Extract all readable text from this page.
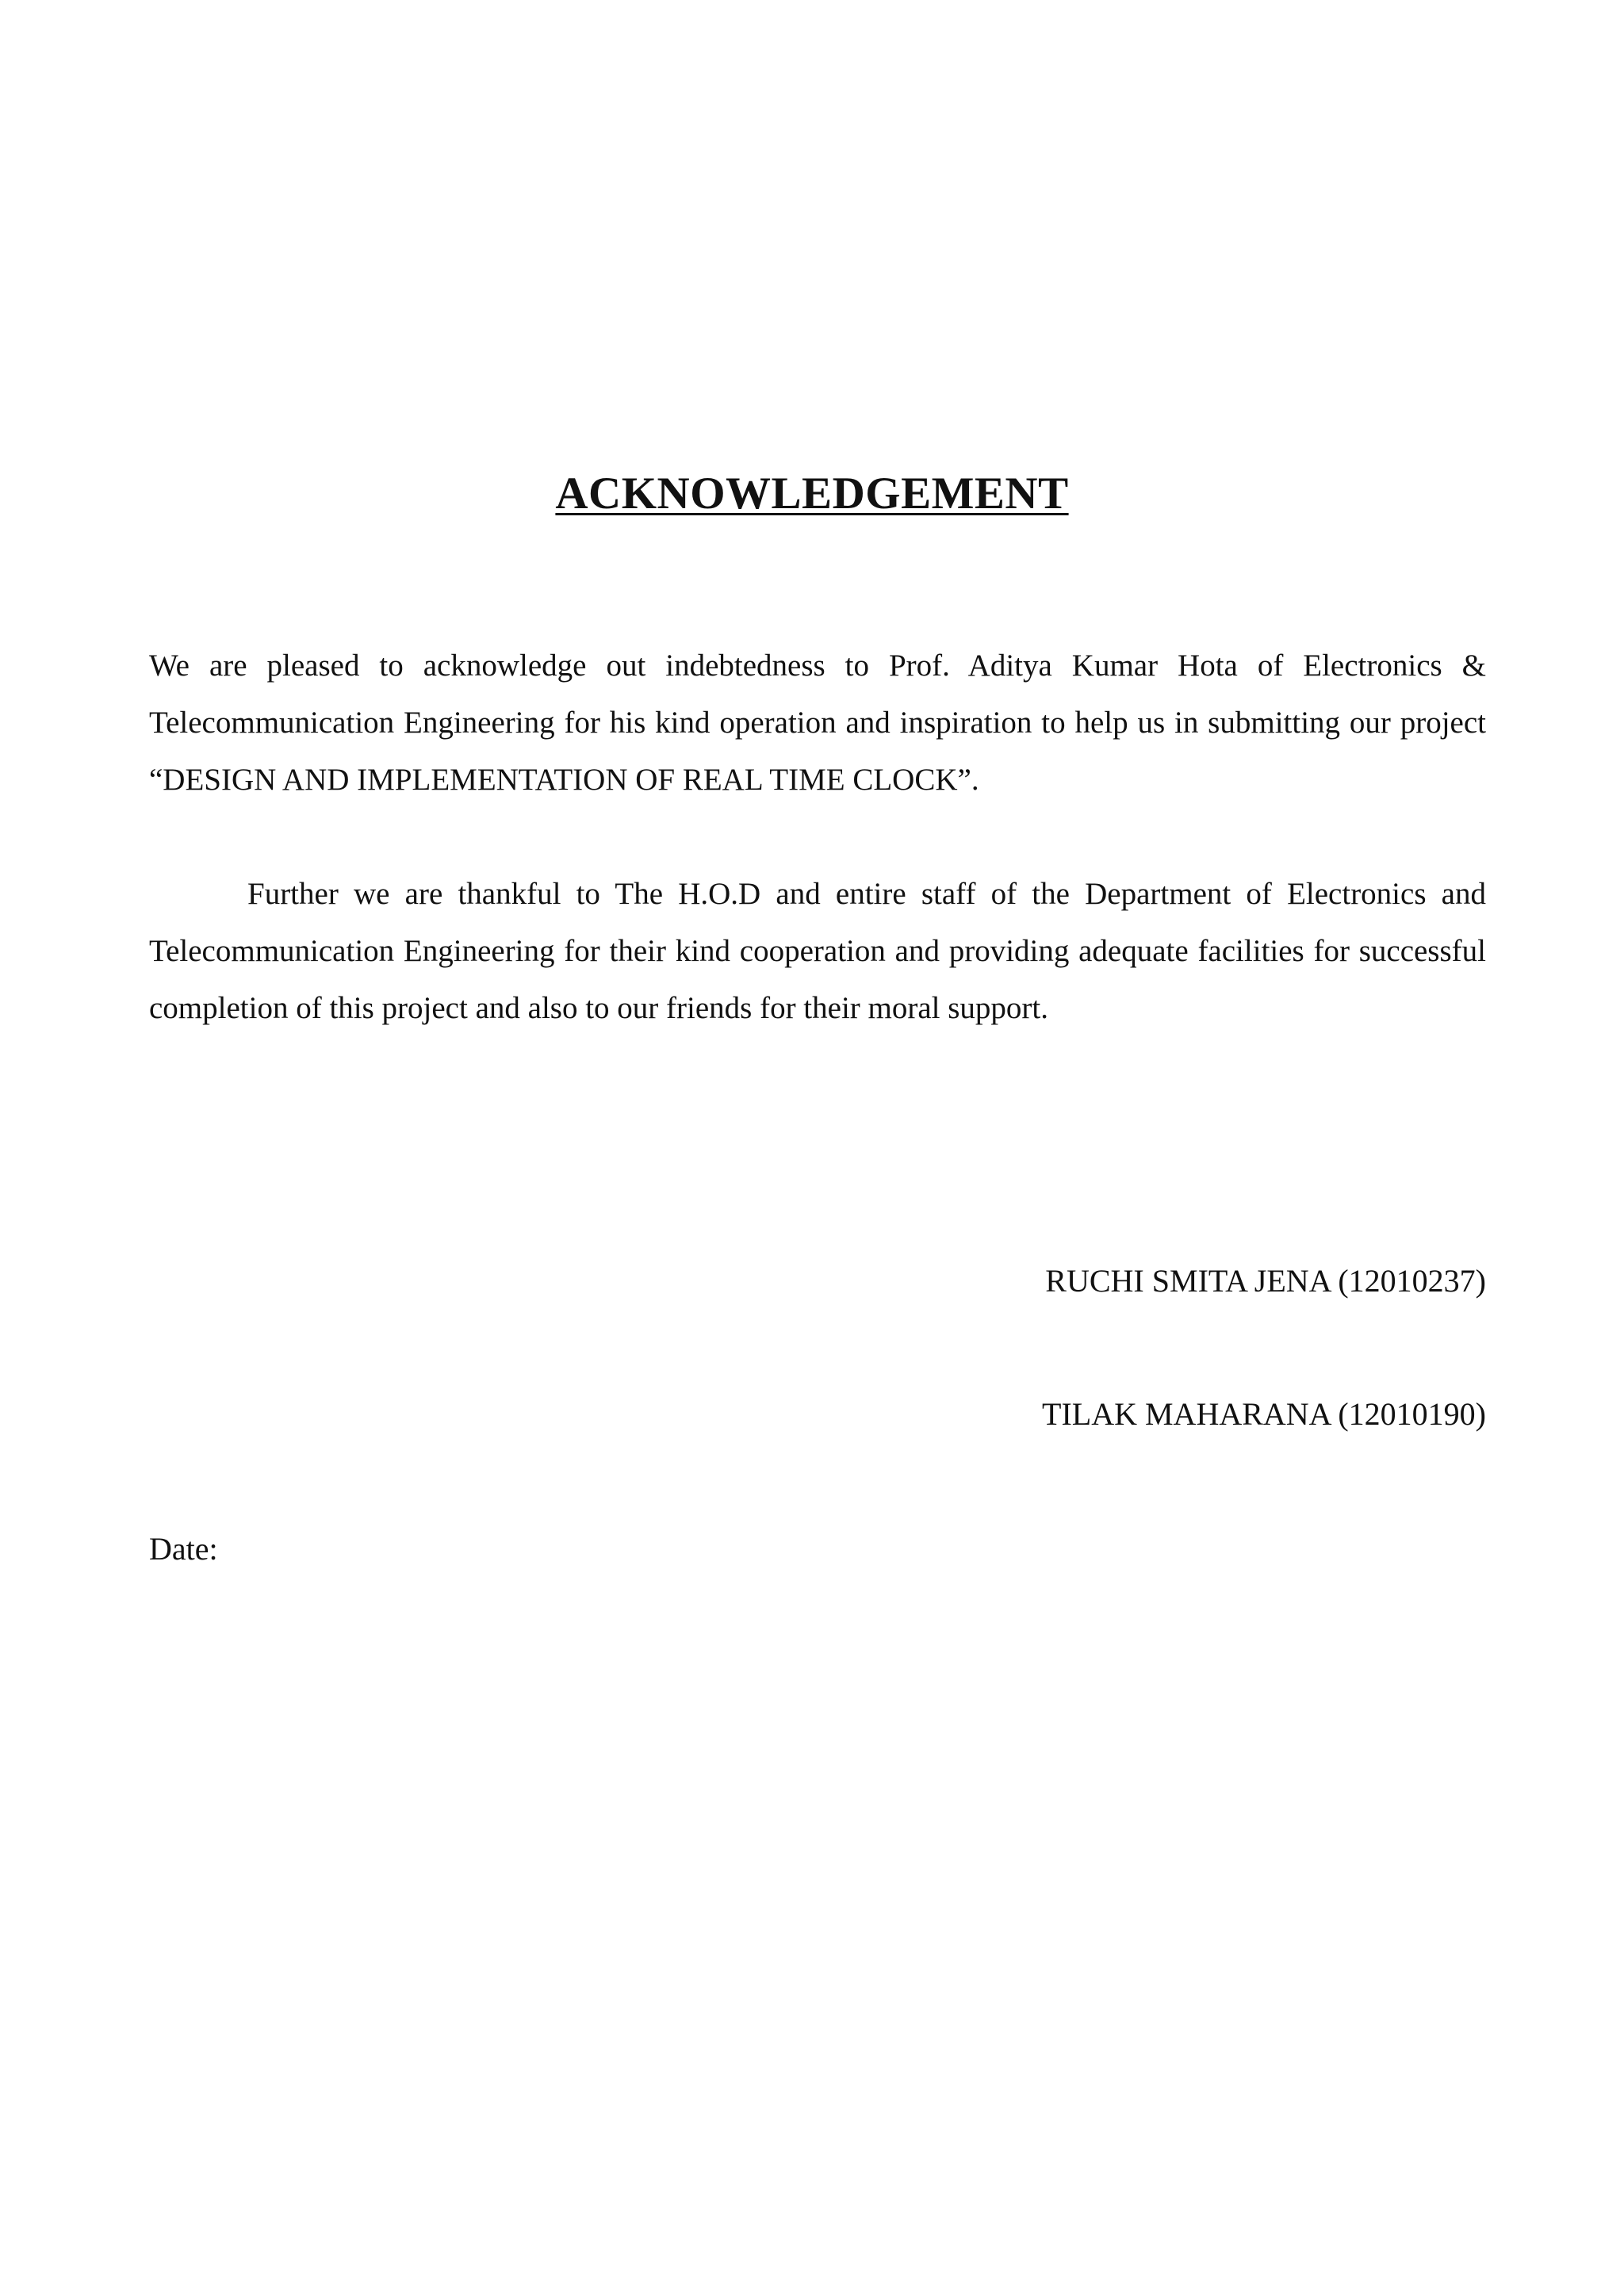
ACKNOWLEDGEMENT
We are pleased to acknowledge out indebtedness to Prof. Aditya Kumar Hota of Electronics & Telecommunication Engineering for his kind operation and inspiration to help us in submitting our project “DESIGN AND IMPLEMENTATION OF REAL TIME CLOCK”.
Further we are thankful to The H.O.D and entire staff of the Department of Electronics and Telecommunication Engineering for their kind cooperation and providing adequate facilities for successful completion of this project and also to our friends for their moral support.
RUCHI SMITA JENA (12010237)
TILAK MAHARANA (12010190)
Date:
